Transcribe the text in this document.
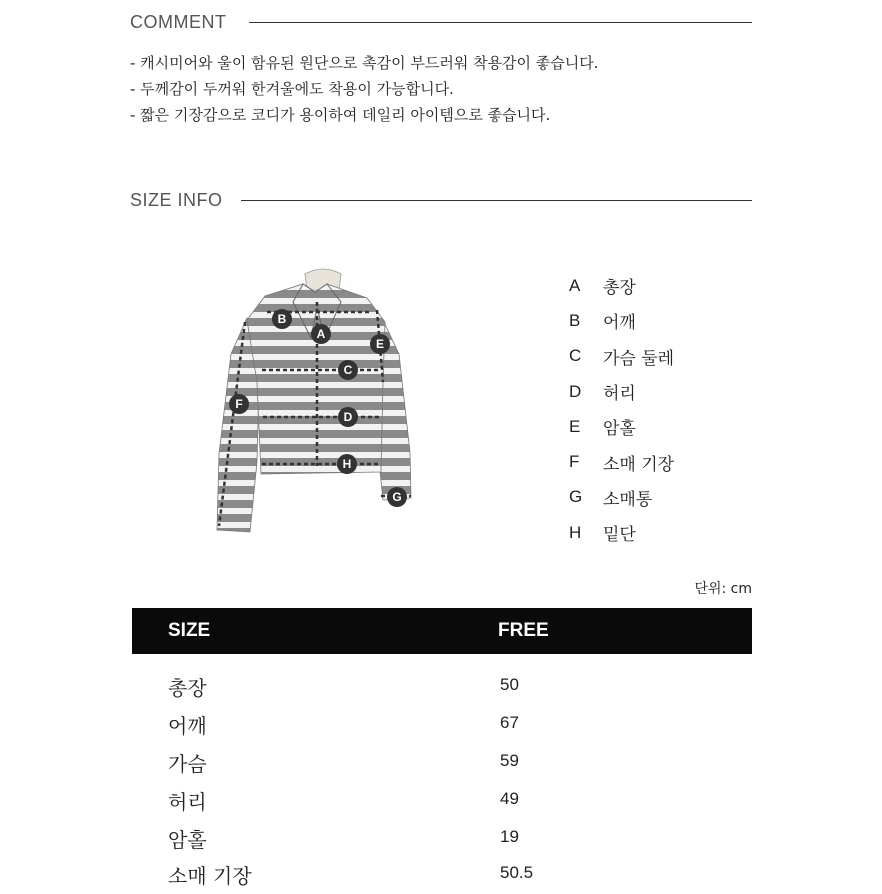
COMMENT
- 캐시미어와 울이 함유된 원단으로 촉감이 부드러워 착용감이 좋습니다.
- 두께감이 두꺼워 한겨울에도 착용이 가능합니다.
- 짧은 기장감으로 코디가 용이하여 데일리 아이템으로 좋습니다.
SIZE INFO
A
B
C
D
E
F
G
H
A	총장
B	어깨
C	가슴 둘레
D	허리
E	암홀
F	소매 기장
G	소매통
H	밑단
단위: cm
SIZE	FREE
총장	50
어깨	67
가슴	59
허리	49
암홀	19
소매 기장	50.5
